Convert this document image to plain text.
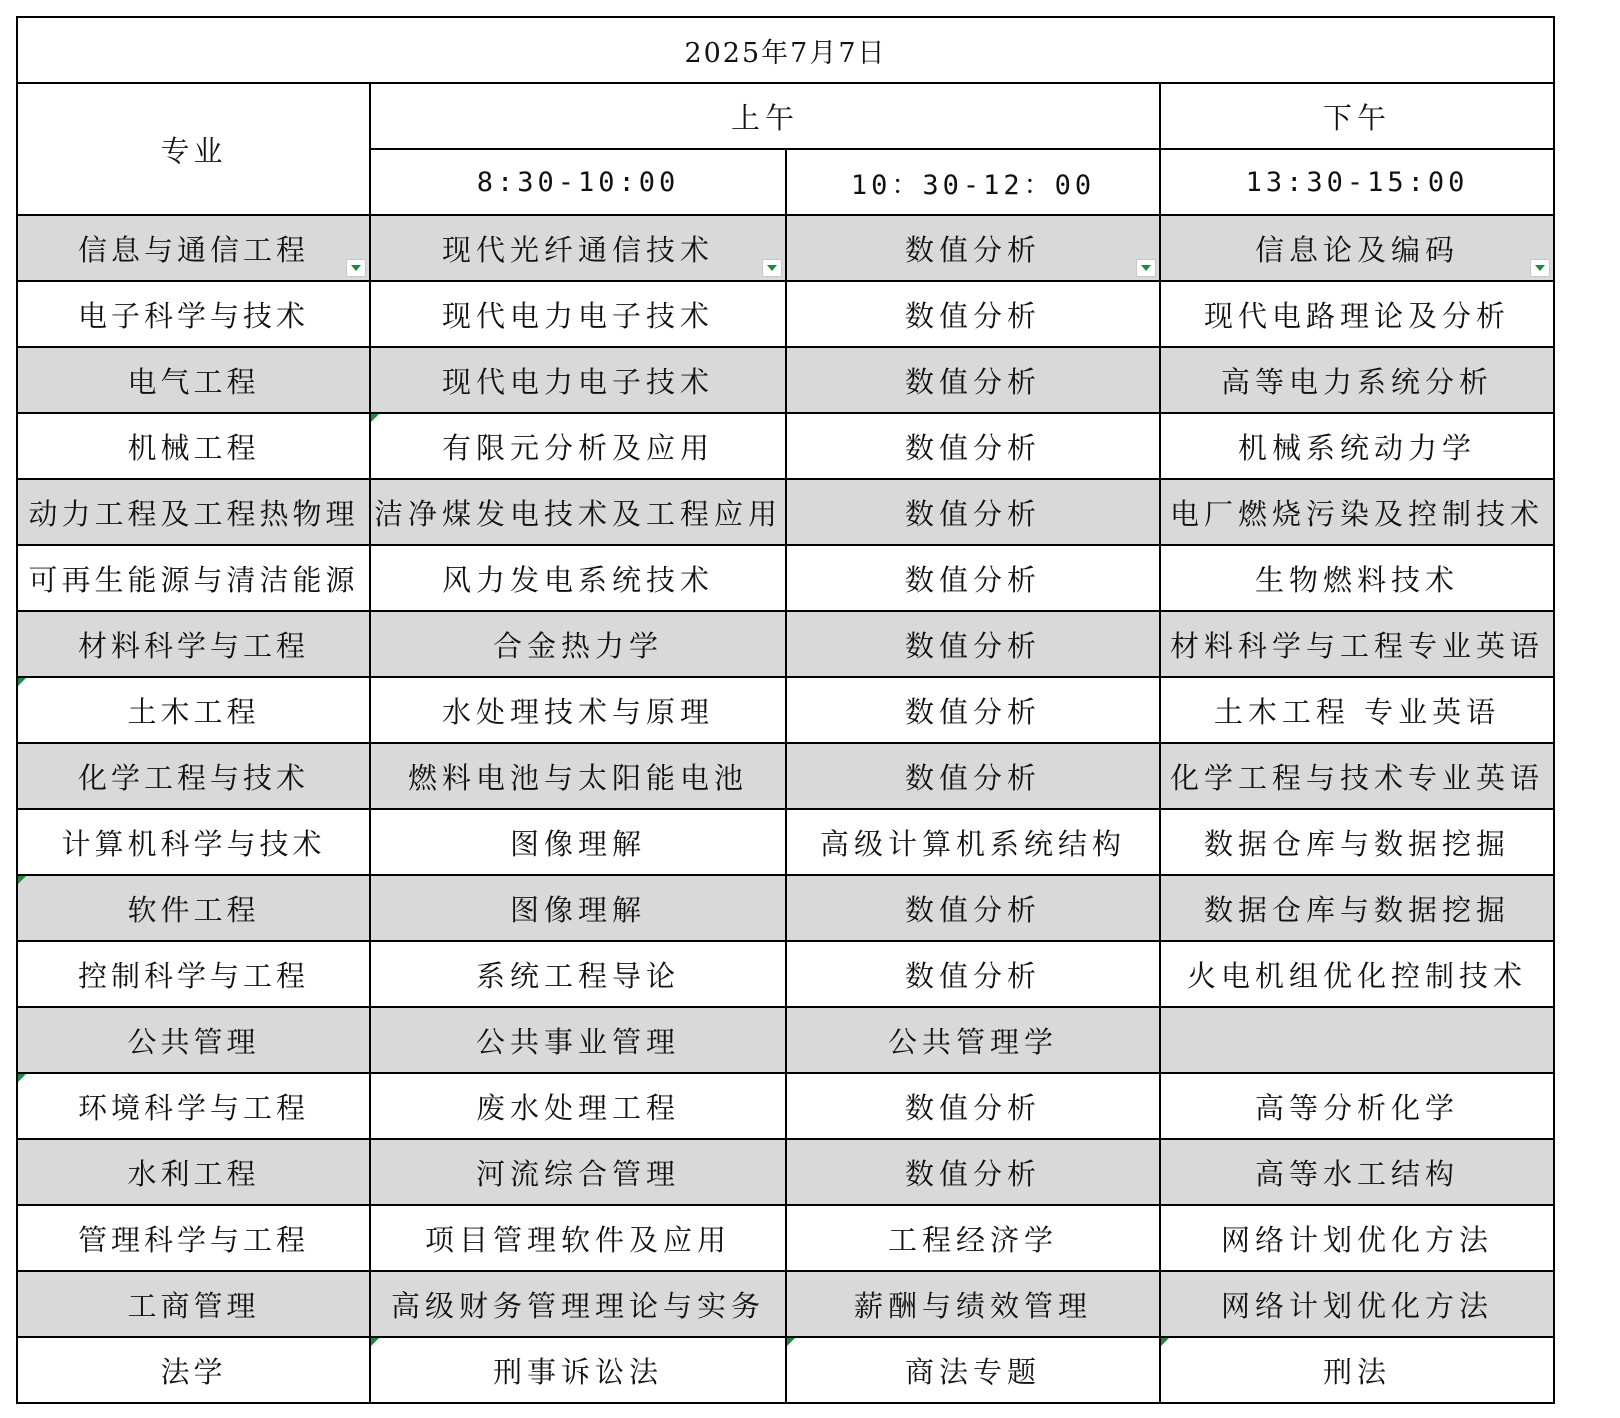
2025年7月7日			
专业	上午		下午
	8:30-10:00	10：30-12：00	13:30-15:00
信息与通信工程	现代光纤通信技术	数值分析	信息论及编码

电子科学与技术	现代电力电子技术	数值分析	现代电路理论及分析
电气工程	现代电力电子技术	数值分析	高等电力系统分析
机械工程	有限元分析及应用	数值分析	机械系统动力学
动力工程及工程热物理	洁净煤发电技术及工程应用	数值分析	电厂燃烧污染及控制技术
可再生能源与清洁能源	风力发电系统技术	数值分析	生物燃料技术
材料科学与工程	合金热力学	数值分析	材料科学与工程专业英语
土木工程	水处理技术与原理	数值分析	土木工程 专业英语
化学工程与技术	燃料电池与太阳能电池	数值分析	化学工程与技术专业英语
计算机科学与技术	图像理解	高级计算机系统结构	数据仓库与数据挖掘
软件工程	图像理解	数值分析	数据仓库与数据挖掘
控制科学与工程	系统工程导论	数值分析	火电机组优化控制技术
公共管理	公共事业管理	公共管理学	
环境科学与工程	废水处理工程	数值分析	高等分析化学
水利工程	河流综合管理	数值分析	高等水工结构
管理科学与工程	项目管理软件及应用	工程经济学	网络计划优化方法
工商管理	高级财务管理理论与实务	薪酬与绩效管理	网络计划优化方法
法学	刑事诉讼法	商法专题	刑法
